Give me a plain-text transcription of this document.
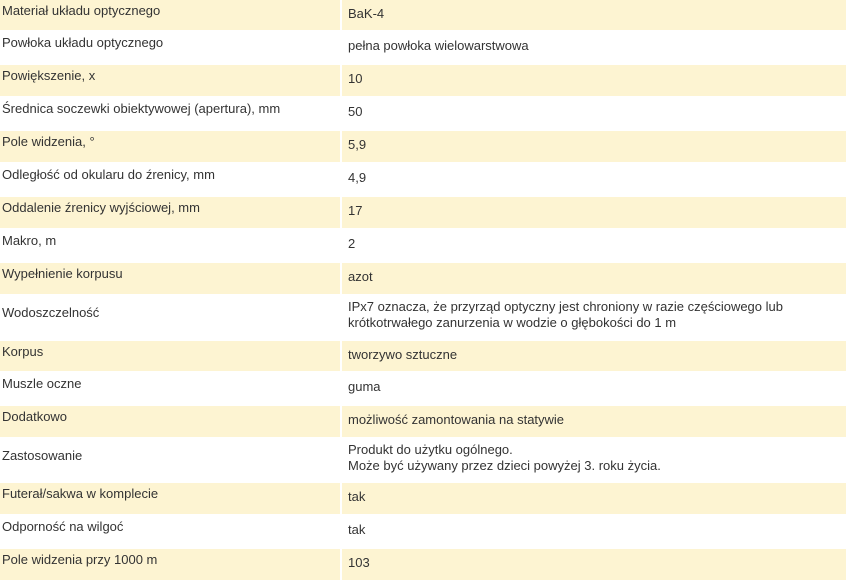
Materiał układu optycznego		BaK-4
Powłoka układu optycznego		pełna powłoka wielowarstwowa
Powiększenie, x		10
Średnica soczewki obiektywowej (apertura), mm		50
Pole widzenia, °		5,9
Odległość od okularu do źrenicy, mm		4,9
Oddalenie źrenicy wyjściowej, mm		17
Makro, m		2
Wypełnienie korpusu		azot
Wodoszczelność		IPx7 oznacza, że przyrząd optyczny jest chroniony w razie częściowego lub
krótkotrwałego zanurzenia w wodzie o głębokości do 1 m

Korpus		tworzywo sztuczne
Muszle oczne		guma
Dodatkowo		możliwość zamontowania na statywie
Zastosowanie		Produkt do użytku ogólnego.
Może być używany przez dzieci powyżej 3. roku życia.

Futerał/sakwa w komplecie		tak
Odporność na wilgoć		tak
Pole widzenia przy 1000 m		103
